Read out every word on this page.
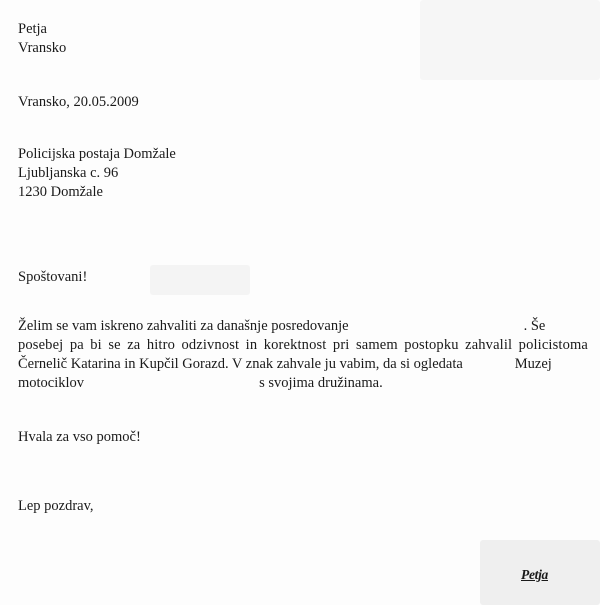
Petja
Vransko
Vransko, 20.05.2009
Policijska postaja Domžale
Ljubljanska c. 96
1230 Domžale
Spoštovani!
Želim se vam iskreno zahvaliti za današnje posredovanje	. Še
posebej pa bi se za hitro odzivnost in korektnost pri samem postopku zahvalil policistoma
Černelič Katarina in Kupčil Gorazd. V znak zahvale ju vabim, da si ogledata	Muzej
motociklov	s svojima družinama.
Hvala za vso pomoč!
Lep pozdrav,
Petja
